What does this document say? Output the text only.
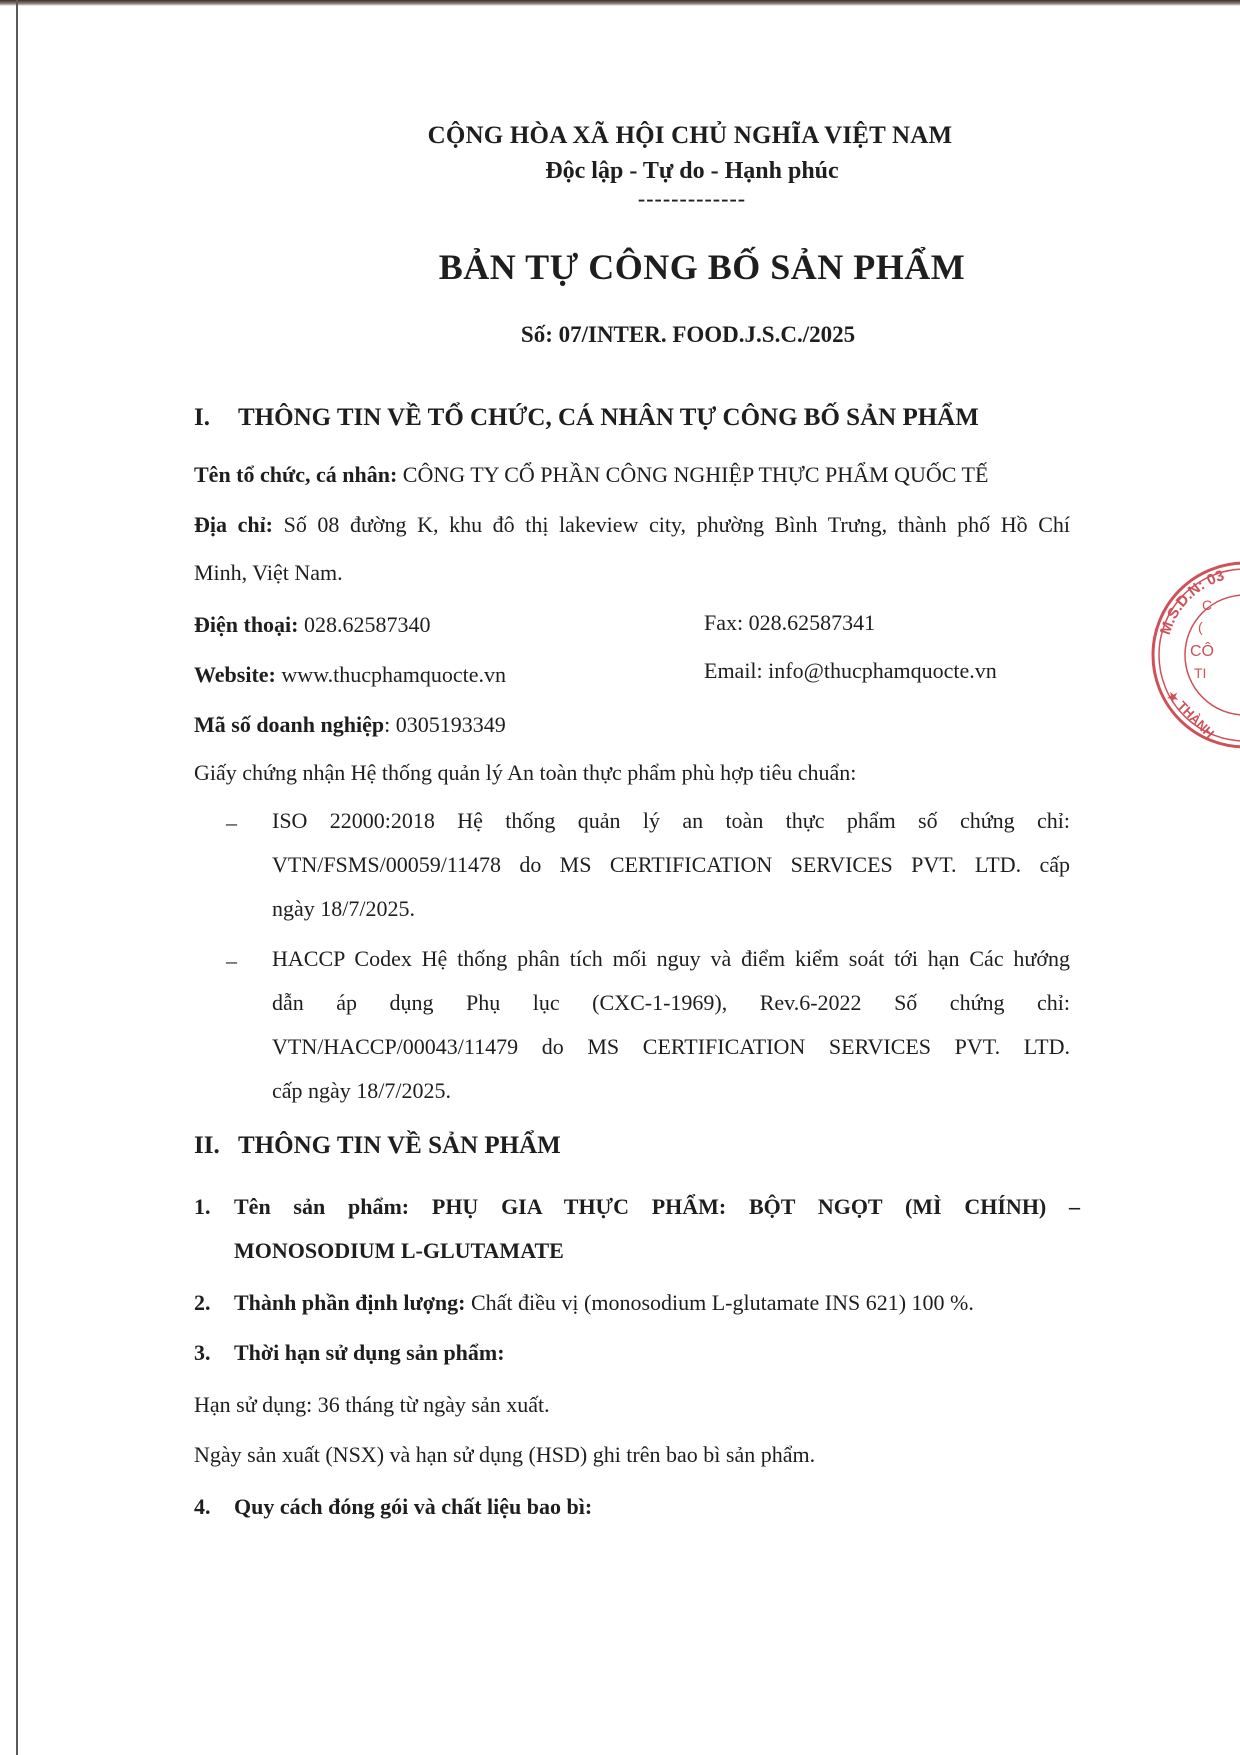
CỘNG HÒA XÃ HỘI CHỦ NGHĨA VIỆT NAM
Độc lập - Tự do - Hạnh phúc
-------------
BẢN TỰ CÔNG BỐ SẢN PHẨM
Số: 07/INTER. FOOD.J.S.C./2025
I. THÔNG TIN VỀ TỔ CHỨC, CÁ NHÂN TỰ CÔNG BỐ SẢN PHẨM
Tên tổ chức, cá nhân: CÔNG TY CỔ PHẦN CÔNG NGHIỆP THỰC PHẨM QUỐC TẾ
Địa chỉ: Số 08 đường K, khu đô thị lakeview city, phường Bình Trưng, thành phố Hồ Chí
Minh, Việt Nam.
Điện thoại: 028.62587340	Fax: 028.62587341
Website: www.thucphamquocte.vn	Email: info@thucphamquocte.vn
Mã số doanh nghiệp: 0305193349
Giấy chứng nhận Hệ thống quản lý An toàn thực phẩm phù hợp tiêu chuẩn:
– ISO 22000:2018 Hệ thống quản lý an toàn thực phẩm số chứng chỉ:
VTN/FSMS/00059/11478 do MS CERTIFICATION SERVICES PVT. LTD. cấp
ngày 18/7/2025.
– HACCP Codex Hệ thống phân tích mối nguy và điểm kiểm soát tới hạn Các hướng
dẫn áp dụng Phụ lục (CXC-1-1969), Rev.6-2022 Số chứng chỉ:
VTN/HACCP/00043/11479 do MS CERTIFICATION SERVICES PVT. LTD.
cấp ngày 18/7/2025.
II. THÔNG TIN VỀ SẢN PHẨM
1. Tên sản phẩm: PHỤ GIA THỰC PHẨM: BỘT NGỌT (MÌ CHÍNH) –
MONOSODIUM L-GLUTAMATE
2. Thành phần định lượng: Chất điều vị (monosodium L-glutamate INS 621) 100 %.
3. Thời hạn sử dụng sản phẩm:
Hạn sử dụng: 36 tháng từ ngày sản xuất.
Ngày sản xuất (NSX) và hạn sử dụng (HSD) ghi trên bao bì sản phẩm.
4. Quy cách đóng gói và chất liệu bao bì:
M.S.D.N: 03
C
(
CÔ
TI
★ THÀNH
